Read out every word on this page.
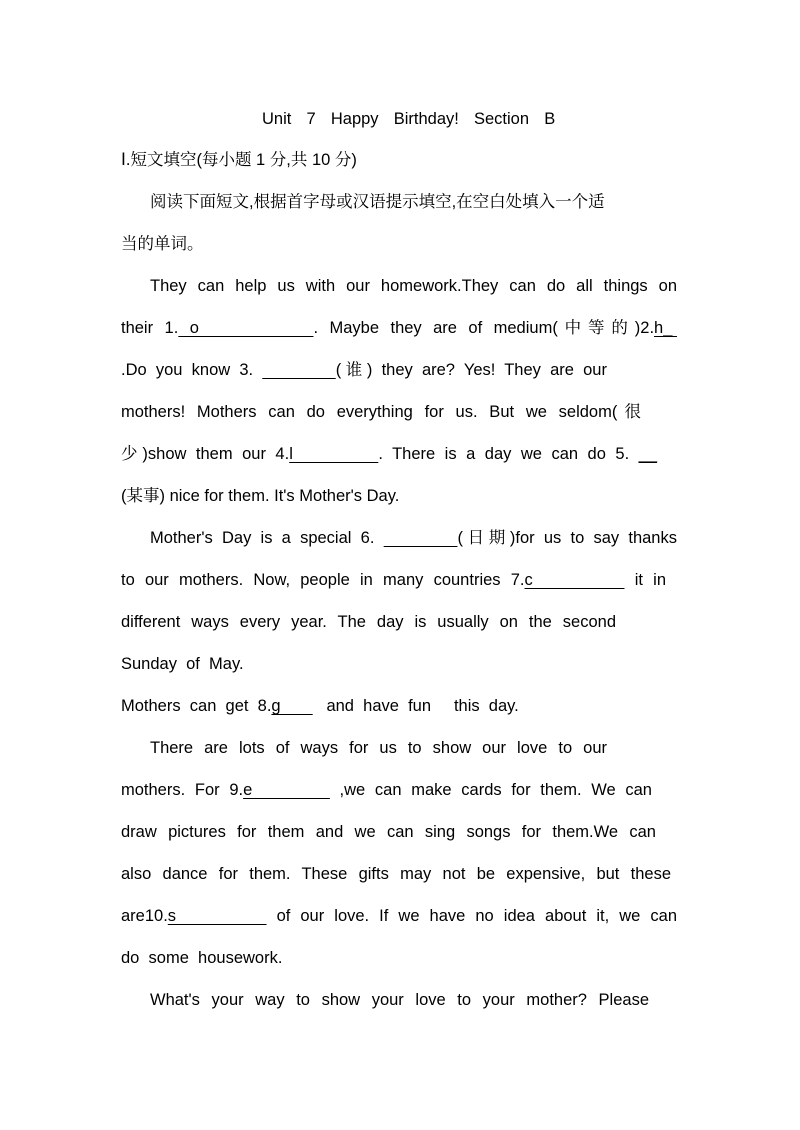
Unit  7  Happy  Birthday!  Section  B
Ⅰ.短文填空(每小题 1 分,共 10 分)
阅读下面短文,根据首字母或汉语提示填空,在空白处填入一个适
当的单词。
They can help us with our homework.They can do all things on
their 1. o          . Maybe they are of medium(中等的)2.h_
.Do you know 3.	(谁) they are? Yes! They are our
mothers! Mothers can do everything for us. But we seldom(很
少)show them our 4.l         . There is a day we can do 5. __
(某事) nice for them. It's Mother's Day.
Mother's Day is a special 6.	(日期)for us to say thanks
to our mothers. Now, people in many countries 7.c          it in
different ways every year. The day is usually on the second
Sunday  of  May.
Mothers  can  get  8.g          and  have  fun     this  day.
There are lots of ways for us to show our love to our
mothers. For 9.e         ,we can make cards for them. We can
draw pictures for them and we can sing songs for them.We can
also dance for them. These gifts may not be expensive, but these
are10.s          of our love. If we have no idea about it, we can
do  some  housework.
What's your way to show your love to your mother? Please
